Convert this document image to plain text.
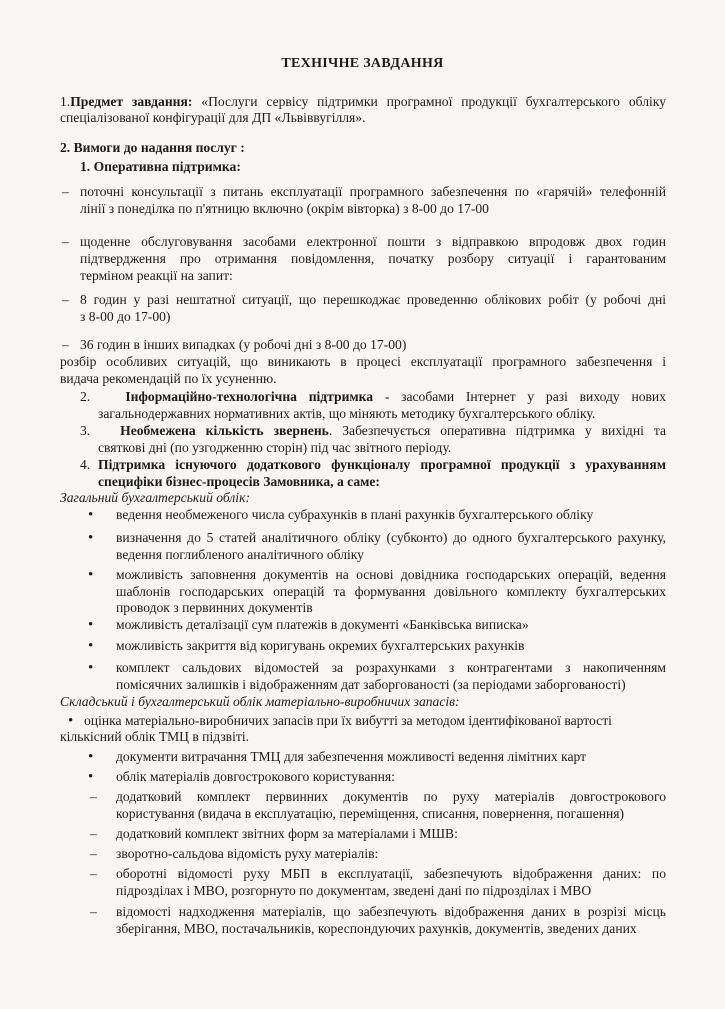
ТЕХНІЧНЕ ЗАВДАННЯ
1.Предмет завдання: «Послуги сервісу підтримки програмної продукції бухгалтерського обліку
спеціалізованої конфігурації для ДП «Львіввугілля».
2. Вимоги до надання послуг :
1. Оперативна підтримка:
– поточні консультації з питань експлуатації програмного забезпечення по «гарячій» телефонній
лінії з понеділка по п'ятницю включно (окрім вівторка) з 8-00 до 17-00
– щоденне обслуговування засобами електронної пошти з відправкою впродовж двох годин
підтвердження про отримання повідомлення, початку розбору ситуації і гарантованим
терміном реакції на запит:
– 8 годин у разі нештатної ситуації, що перешкоджає проведенню облікових робіт (у робочі дні
з 8-00 до 17-00)
– 36 годин в інших випадках (у робочі дні з 8-00 до 17-00)
розбір особливих ситуацій, що виникають в процесі експлуатації програмного забезпечення і
видача рекомендацій по їх усуненню.
2.	Інформаційно-технологічна підтримка - засобами Інтернет у разі виходу нових
загальнодержавних нормативних актів, що міняють методику бухгалтерського обліку.
3. Необмежена кількість звернень. Забезпечується оперативна підтримка у вихідні та
святкові дні (по узгодженню сторін) під час звітного періоду.
4. Підтримка існуючого додаткового функціоналу програмної продукції з урахуванням
специфіки бізнес-процесів Замовника, а саме:
Загальний бухгалтерський облік:
• ведення необмеженого числа субрахунків в плані рахунків бухгалтерського обліку
• визначення до 5 статей аналітичного обліку (субконто) до одного бухгалтерського рахунку,
ведення поглибленого аналітичного обліку
• можливість заповнення документів на основі довідника господарських операцій, ведення
шаблонів господарських операцій та формування довільного комплекту бухгалтерських
проводок з первинних документів
• можливість деталізації сум платежів в документі «Банківська виписка»
• можливість закриття від коригувань окремих бухгалтерських рахунків
• комплект сальдових відомостей за розрахунками з контрагентами з накопиченням
помісячних залишків і відображенням дат заборгованості (за періодами заборгованості)
Складський і бухгалтерський облік матеріально-виробничих запасів:
• оцінка матеріально-виробничих запасів при їх вибутті за методом ідентифікованої вартості
кількісний облік ТМЦ в підзвіті.
• документи витрачання ТМЦ для забезпечення можливості ведення лімітних карт
• облік матеріалів довгострокового користування:
– додатковий комплект первинних документів по руху матеріалів довгострокового
користування (видача в експлуатацію, переміщення, списання, повернення, погашення)
– додатковий комплект звітних форм за матеріалами і МШВ:
– зворотно-сальдова відомість руху матеріалів:
– оборотні відомості руху МБП в експлуатації, забезпечують відображення даних: по
підрозділах і МВО, розгорнуто по документам, зведені дані по підрозділах і МВО
– відомості надходження матеріалів, що забезпечують відображення даних в розрізі місць
зберігання, МВО, постачальників, кореспондуючих рахунків, документів, зведених даних
